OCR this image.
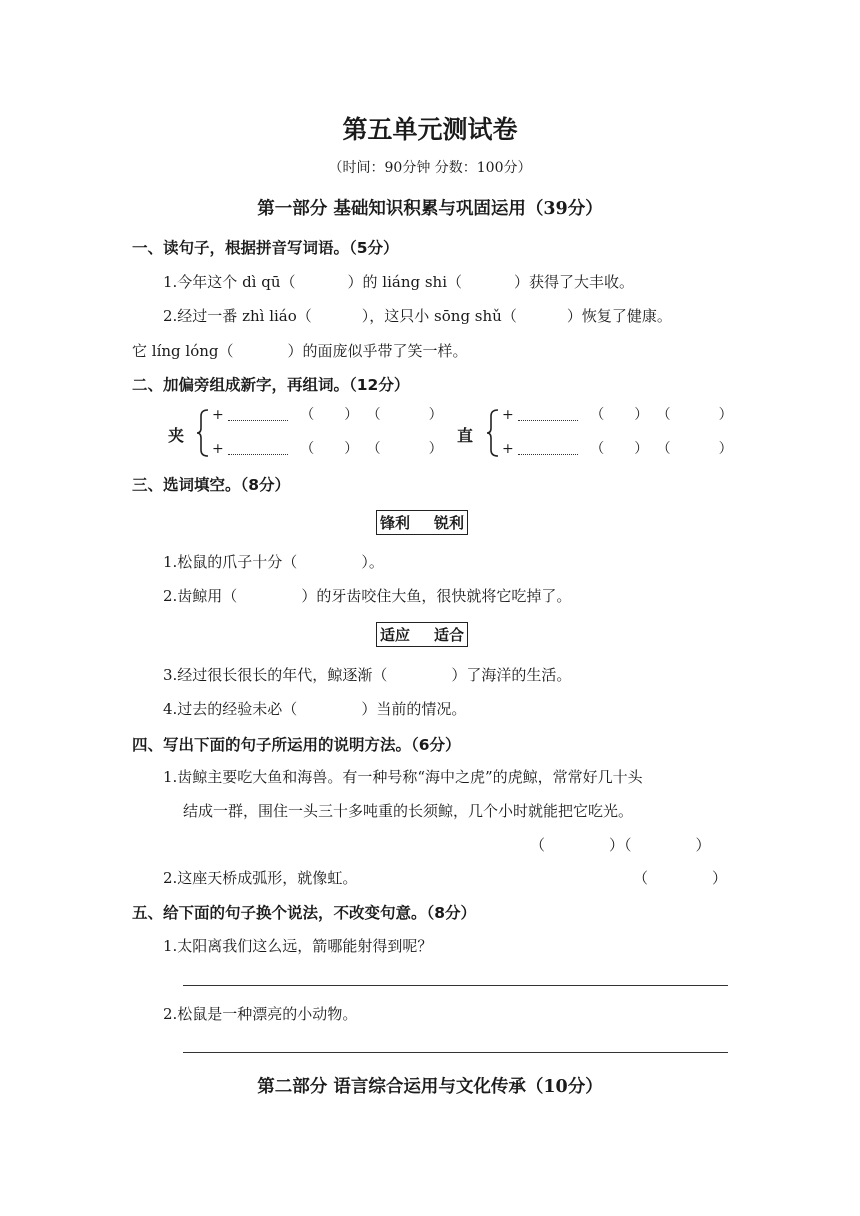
第五单元测试卷
（时间：90分钟 分数：100分）
第一部分 基础知识积累与巩固运用（39分）
一、读句子，根据拼音写词语。（5分）
1.今年这个 dì qū（	）的 liáng shi（	）获得了大丰收。
2.经过一番 zhì liáo（	），这只小 sōng shǔ（	）恢复了健康。
它 líng lóng（	）的面庞似乎带了笑一样。
二、加偏旁组成新字，再组词。（12分）
夹
+	（ ） （	）
+	（ ） （	）
直
+	（ ） （	）
+	（ ） （	）
三、选词填空。（8分）
锋利 锐利
1.松鼠的爪子十分（	）。
2.齿鲸用（	）的牙齿咬住大鱼，很快就将它吃掉了。
适应 适合
3.经过很长很长的年代，鲸逐渐（	）了海洋的生活。
4.过去的经验未必（	）当前的情况。
四、写出下面的句子所运用的说明方法。（6分）
1.齿鲸主要吃大鱼和海兽。有一种号称“海中之虎”的虎鲸，常常好几十头
结成一群，围住一头三十多吨重的长须鲸，几个小时就能把它吃光。
（	）（	）
2.这座天桥成弧形，就像虹。	（	）
五、给下面的句子换个说法，不改变句意。（8分）
1.太阳离我们这么远，箭哪能射得到呢？
2.松鼠是一种漂亮的小动物。
第二部分 语言综合运用与文化传承（10分）
